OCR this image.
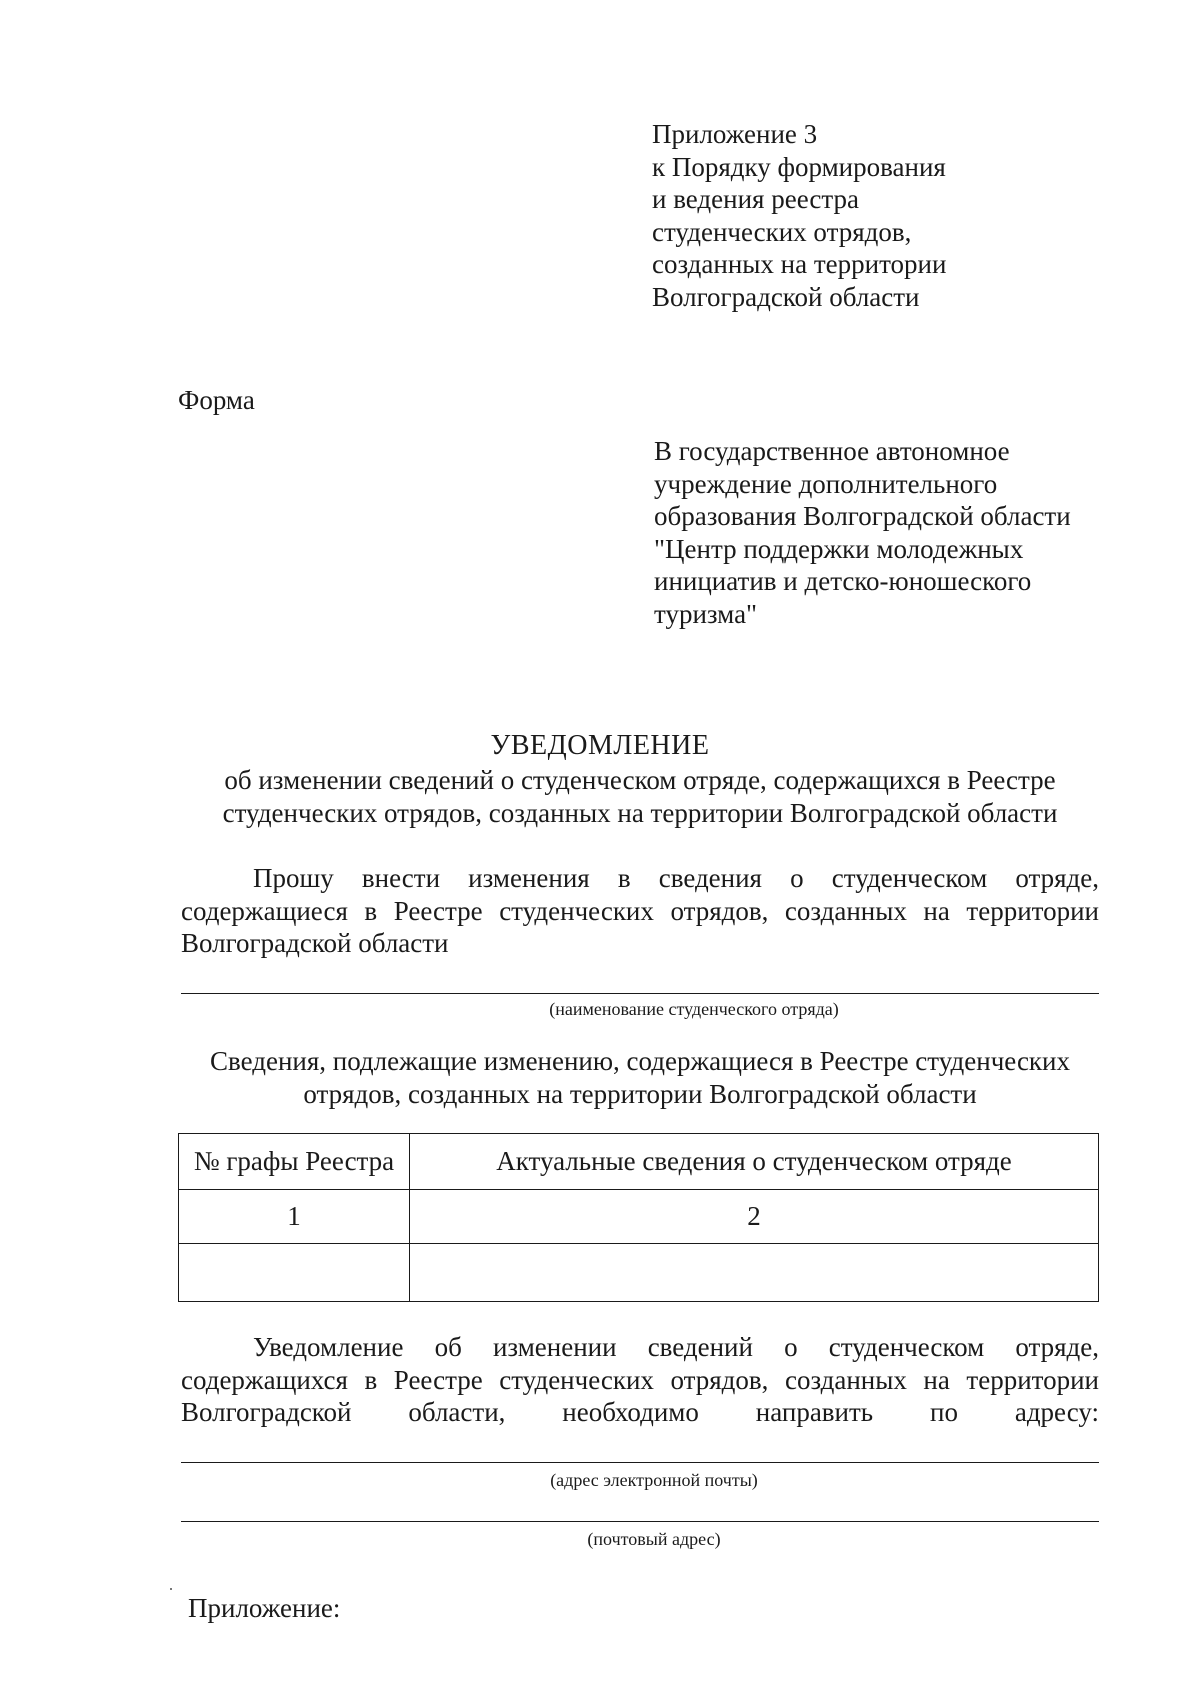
Приложение 3
к Порядку формирования
и ведения реестра
студенческих отрядов,
созданных на территории
Волгоградской области
Форма
В государственное автономное
учреждение дополнительного
образования Волгоградской области
"Центр поддержки молодежных
инициатив и детско-юношеского
туризма"
УВЕДОМЛЕНИЕ
об изменении сведений о студенческом отряде, содержащихся в Реестре
студенческих отрядов, созданных на территории Волгоградской области
Прошу внести изменения в сведения о студенческом отряде,
содержащиеся в Реестре студенческих отрядов, созданных на территории
Волгоградской области
(наименование студенческого отряда)
Сведения, подлежащие изменению, содержащиеся в Реестре студенческих
отрядов, созданных на территории Волгоградской области
№ графы Реестра	Актуальные сведения о студенческом отряде
1	2

Уведомление об изменении сведений о студенческом отряде,
содержащихся в Реестре студенческих отрядов, созданных на территории
Волгоградской области, необходимо направить по адресу:
(адрес электронной почты)
(почтовый адрес)
Приложение:
